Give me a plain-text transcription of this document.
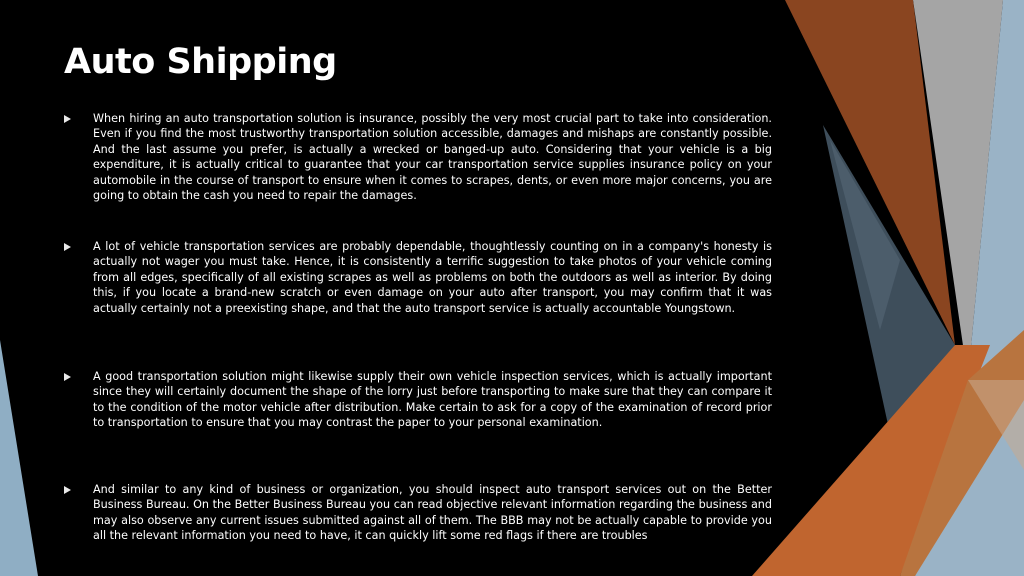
Auto Shipping
When hiring an auto transportation solution is insurance, possibly the very most crucial part to take into consideration. Even if you find the most trustworthy transportation solution accessible, damages and mishaps are constantly possible. And the last assume you prefer, is actually a wrecked or banged-up auto. Considering that your vehicle is a big expenditure, it is actually critical to guarantee that your car transportation service supplies insurance policy on your automobile in the course of transport to ensure when it comes to scrapes, dents, or even more major concerns, you are going to obtain the cash you need to repair the damages.
A lot of vehicle transportation services are probably dependable, thoughtlessly counting on in a company's honesty is actually not wager you must take. Hence, it is consistently a terrific suggestion to take photos of your vehicle coming from all edges, specifically of all existing scrapes as well as problems on both the outdoors as well as interior. By doing this, if you locate a brand-new scratch or even damage on your auto after transport, you may confirm that it was actually certainly not a preexisting shape, and that the auto transport service is actually accountable Youngstown.
A good transportation solution might likewise supply their own vehicle inspection services, which is actually important since they will certainly document the shape of the lorry just before transporting to make sure that they can compare it to the condition of the motor vehicle after distribution. Make certain to ask for a copy of the examination of record prior to transportation to ensure that you may contrast the paper to your personal examination.
And similar to any kind of business or organization, you should inspect auto transport services out on the Better Business Bureau. On the Better Business Bureau you can read objective relevant information regarding the business and may also observe any current issues submitted against all of them. The BBB may not be actually capable to provide you all the relevant information you need to have, it can quickly lift some red flags if there are troubles
